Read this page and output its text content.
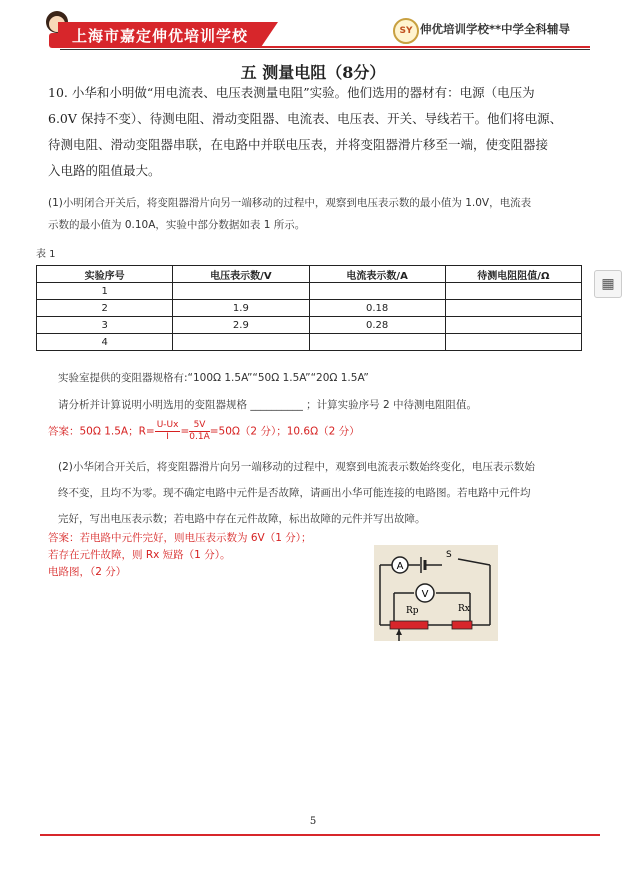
上海市嘉定伸优培训学校	SY 伸优培训学校**中学全科辅导
▦
五 测量电阻（8分）
10. 小华和小明做“用电流表、电压表测量电阻”实验。他们选用的器材有：电源（电压为
6.0V 保持不变）、待测电阻、滑动变阻器、电流表、电压表、开关、导线若干。他们将电源、
待测电阻、滑动变阻器串联，在电路中并联电压表，并将变阻器滑片移至一端，使变阻器接
入电路的阻值最大。
(1)小明闭合开关后，将变阻器滑片向另一端移动的过程中，观察到电压表示数的最小值为 1.0V，电流表
示数的最小值为 0.10A，实验中部分数据如表 1 所示。
表 1
实验序号	电压表示数/V	电流表示数/A	待测电阻阻值/Ω
1			
2	1.9	0.18	
3	2.9	0.28	
4			
实验室提供的变阻器规格有:“100Ω 1.5A”“50Ω 1.5A”“20Ω 1.5A”
请分析并计算说明小明选用的变阻器规格 __________ ；计算实验序号 2 中待测电阻阻值。
答案：50Ω 1.5A；$R= \frac{U-Ux}{I}= \frac{5V}{0.1A}=50\Omega(2$ 分）；10.6Ω（2 分）
(2)小华闭合开关后，将变阻器滑片向另一端移动的过程中，观察到电流表示数始终变化，电压表示数始
终不变，且均不为零。现不确定电路中元件是否故障，请画出小华可能连接的电路图。若电路中元件均
完好，写出电压表示数；若电路中存在元件故障，标出故障的元件并写出故障。
答案：若电路中元件完好，则电压表示数为 6V（1 分）；
若存在元件故障，则 Rx 短路（1 分）。
电路图，（2 分）	A
S
V
Rp	Rx
5
